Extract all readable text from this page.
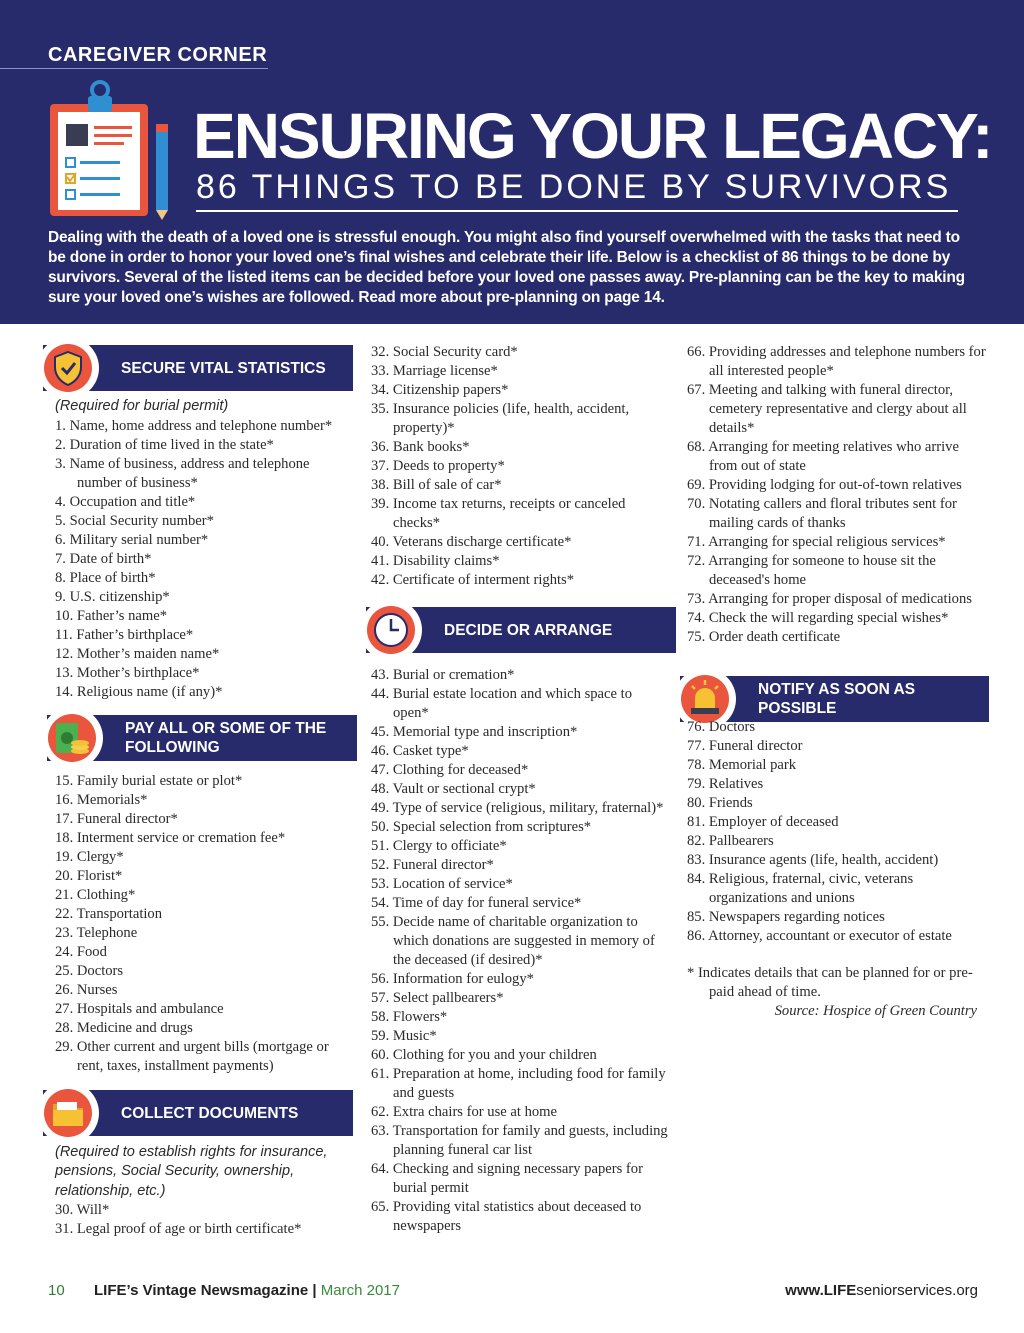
CAREGIVER CORNER
ENSURING YOUR LEGACY:
86 THINGS TO BE DONE BY SURVIVORS
Dealing with the death of a loved one is stressful enough. You might also find yourself overwhelmed with the tasks that need to be done in order to honor your loved one’s final wishes and celebrate their life. Below is a checklist of 86 things to be done by survivors. Several of the listed items can be decided before your loved one passes away. Pre-planning can be the key to making sure your loved one’s wishes are followed. Read more about pre-planning on page 14.
SECURE VITAL STATISTICS
PAY ALL OR SOME OF THE
FOLLOWING
COLLECT DOCUMENTS
DECIDE OR ARRANGE
NOTIFY AS SOON AS POSSIBLE
(Required for burial permit)
1. Name, home address and telephone number*
2. Duration of time lived in the state*
3. Name of business, address and telephone number of business*
4. Occupation and title*
5. Social Security number*
6. Military serial number*
7. Date of birth*
8. Place of birth*
9. U.S. citizenship*
10. Father’s name*
11. Father’s birthplace*
12. Mother’s maiden name*
13. Mother’s birthplace*
14. Religious name (if any)*
15. Family burial estate or plot*
16. Memorials*
17. Funeral director*
18. Interment service or cremation fee*
19. Clergy*
20. Florist*
21. Clothing*
22. Transportation
23. Telephone
24. Food
25. Doctors
26. Nurses
27. Hospitals and ambulance
28. Medicine and drugs
29. Other current and urgent bills (mortgage or rent, taxes, installment payments)
(Required to establish rights for insurance, pensions, Social Security, ownership, relationship, etc.)
30. Will*
31. Legal proof of age or birth certificate*
32. Social Security card*
33. Marriage license*
34. Citizenship papers*
35. Insurance policies (life, health, accident, property)*
36. Bank books*
37. Deeds to property*
38. Bill of sale of car*
39. Income tax returns, receipts or canceled checks*
40. Veterans discharge certificate*
41. Disability claims*
42. Certificate of interment rights*
43. Burial or cremation*
44. Burial estate location and which space to open*
45. Memorial type and inscription*
46. Casket type*
47. Clothing for deceased*
48. Vault or sectional crypt*
49. Type of service (religious, military, fraternal)*
50. Special selection from scriptures*
51. Clergy to officiate*
52. Funeral director*
53. Location of service*
54. Time of day for funeral service*
55. Decide name of charitable organization to which donations are suggested in memory of the deceased (if desired)*
56. Information for eulogy*
57. Select pallbearers*
58. Flowers*
59. Music*
60. Clothing for you and your children
61. Preparation at home, including food for family and guests
62. Extra chairs for use at home
63. Transportation for family and guests, including planning funeral car list
64. Checking and signing necessary papers for burial permit
65. Providing vital statistics about deceased to newspapers
66. Providing addresses and telephone numbers for all interested people*
67. Meeting and talking with funeral director, cemetery representative and clergy about all details*
68. Arranging for meeting relatives who arrive from out of state
69. Providing lodging for out-of-town relatives
70. Notating callers and floral tributes sent for mailing cards of thanks
71. Arranging for special religious services*
72. Arranging for someone to house sit the deceased's home
73. Arranging for proper disposal of medications
74. Check the will regarding special wishes*
75. Order death certificate
76. Doctors
77. Funeral director
78. Memorial park
79. Relatives
80. Friends
81. Employer of deceased
82. Pallbearers
83. Insurance agents (life, health, accident)
84. Religious, fraternal, civic, veterans organizations and unions
85. Newspapers regarding notices
86. Attorney, accountant or executor of estate
* Indicates details that can be planned for or pre-paid ahead of time.
Source: Hospice of Green Country
10 LIFE’s Vintage Newsmagazine | March 2017	www.LIFEseniorservices.org
